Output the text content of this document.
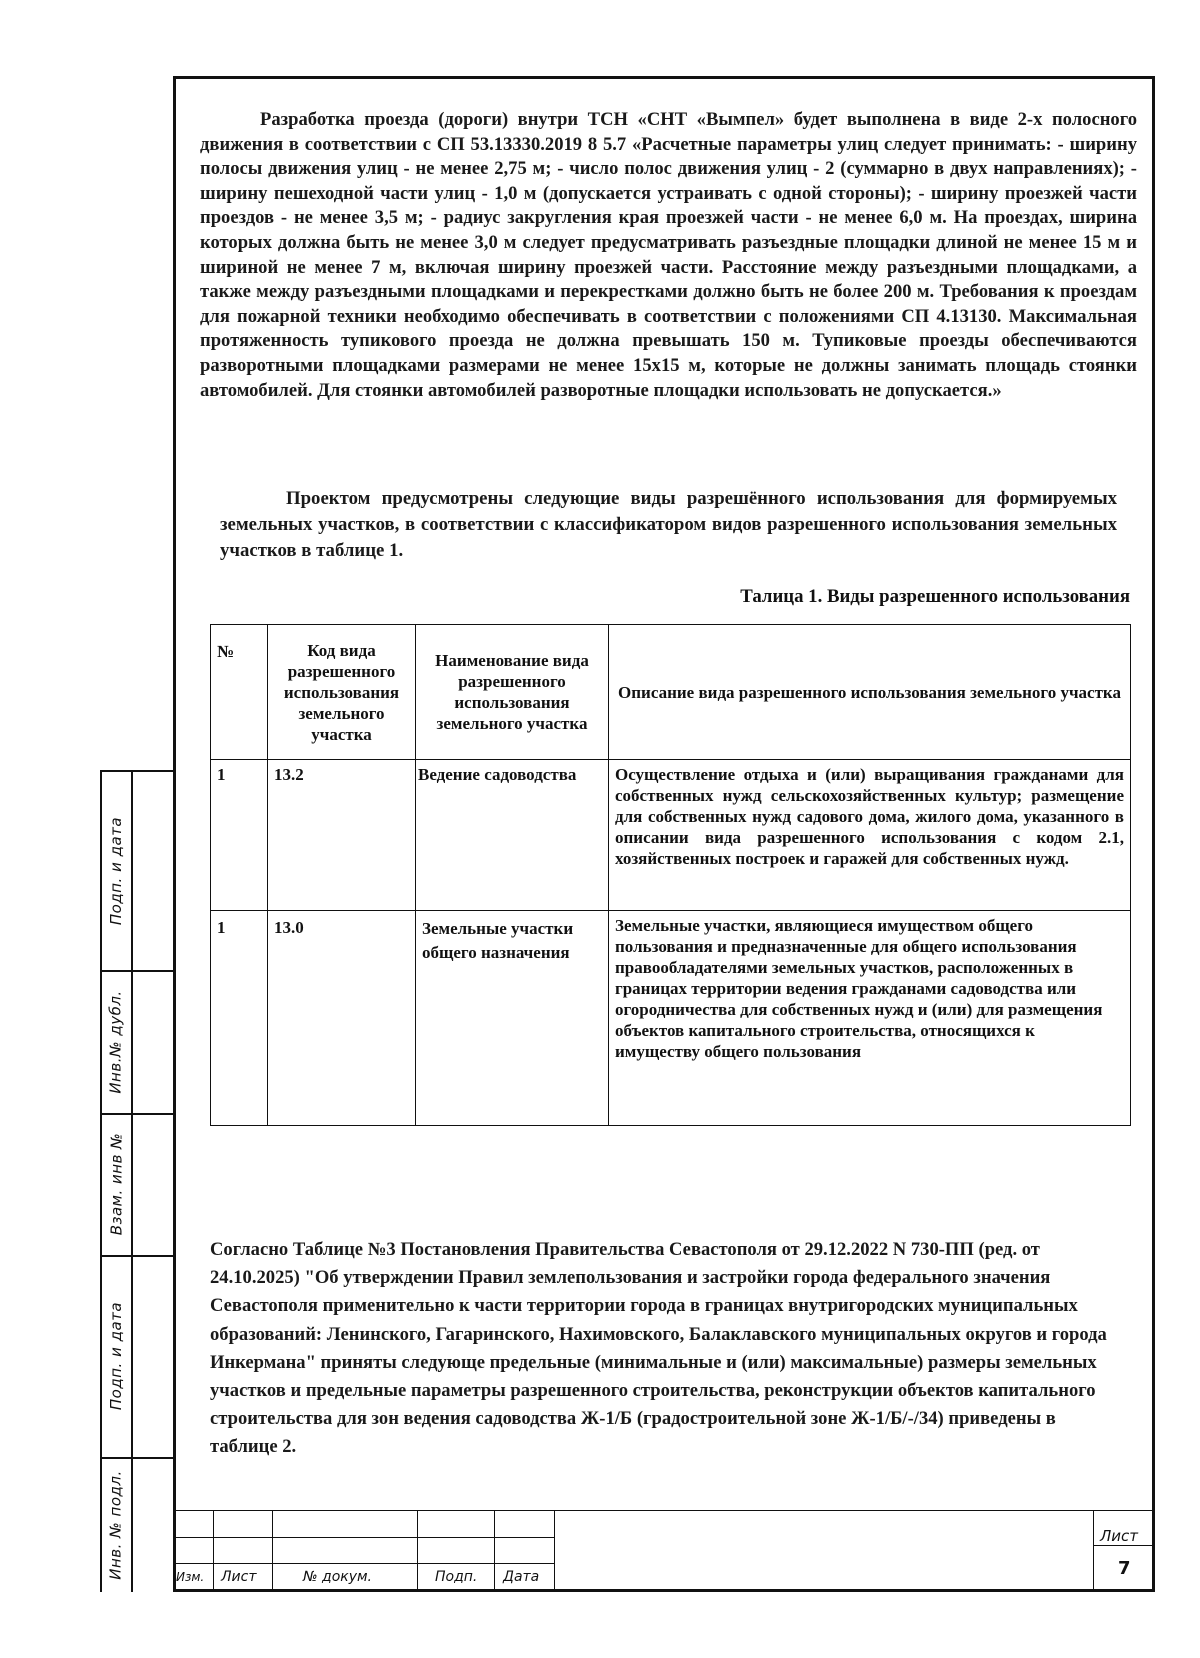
Разработка проезда (дороги) внутри ТСН «СНТ «Вымпел» будет выполнена в виде 2-х полосного движения в соответствии с СП 53.13330.2019 8 5.7 «Расчетные параметры улиц следует принимать: - ширину полосы движения улиц - не менее 2,75 м; - число полос движения улиц - 2 (суммарно в двух направлениях); - ширину пешеходной части улиц - 1,0 м (допускается устраивать с одной стороны); - ширину проезжей части проездов - не менее 3,5 м; - радиус закругления края проезжей части - не менее 6,0 м. На проездах, ширина которых должна быть не менее 3,0 м следует предусматривать разъездные площадки длиной не менее 15 м и шириной не менее 7 м, включая ширину проезжей части. Расстояние между разъездными площадками, а также между разъездными площадками и перекрестками должно быть не более 200 м. Требования к проездам для пожарной техники необходимо обеспечивать в соответствии с положениями СП 4.13130. Максимальная протяженность тупикового проезда не должна превышать 150 м. Тупиковые проезды обеспечиваются разворотными площадками размерами не менее 15х15 м, которые не должны занимать площадь стоянки автомобилей. Для стоянки автомобилей разворотные площадки использовать не допускается.»
Проектом предусмотрены следующие виды разрешённого использования для формируемых земельных участков, в соответствии с классификатором видов разрешенного использования земельных участков в таблице 1.
Талица 1. Виды разрешенного использования
№	Код вида разрешенного использования земельного участка	Наименование вида разрешенного использования земельного участка	Описание вида разрешенного использования земельного участка
1	13.2	Ведение садоводства	Осуществление отдыха и (или) выращивания гражданами для собственных нужд сельскохозяйственных культур; размещение для собственных нужд садового дома, жилого дома, указанного в описании вида разрешенного использования с кодом 2.1, хозяйственных построек и гаражей для собственных нужд.
1	13.0	Земельные участки общего назначения	Земельные участки, являющиеся имуществом общего пользования и предназначенные для общего использования правообладателями земельных участков, расположенных в границах территории ведения гражданами садоводства или огородничества для собственных нужд и (или) для размещения объектов капитального строительства, относящихся к имуществу общего пользования
Согласно Таблице №3 Постановления Правительства Севастополя от 29.12.2022 N 730-ПП (ред. от 24.10.2025) "Об утверждении Правил землепользования и застройки города федерального значения Севастополя применительно к части территории города в границах внутригородских муниципальных образований: Ленинского, Гагаринского, Нахимовского, Балаклавского муниципальных округов и города Инкермана" приняты следующе предельные (минимальные и (или) максимальные) размеры земельных участков и предельные параметры разрешенного строительства, реконструкции объектов капитального строительства для зон ведения садоводства Ж-1/Б (градостроительной зоне Ж-1/Б/-/34) приведены в таблице 2.
Подп. и дата
Инв.№ дубл.
Взам. инв №
Подп. и дата
Инв. № подл.	Изм. Лист	№ докум.	Подп. Дата
Лист
7
